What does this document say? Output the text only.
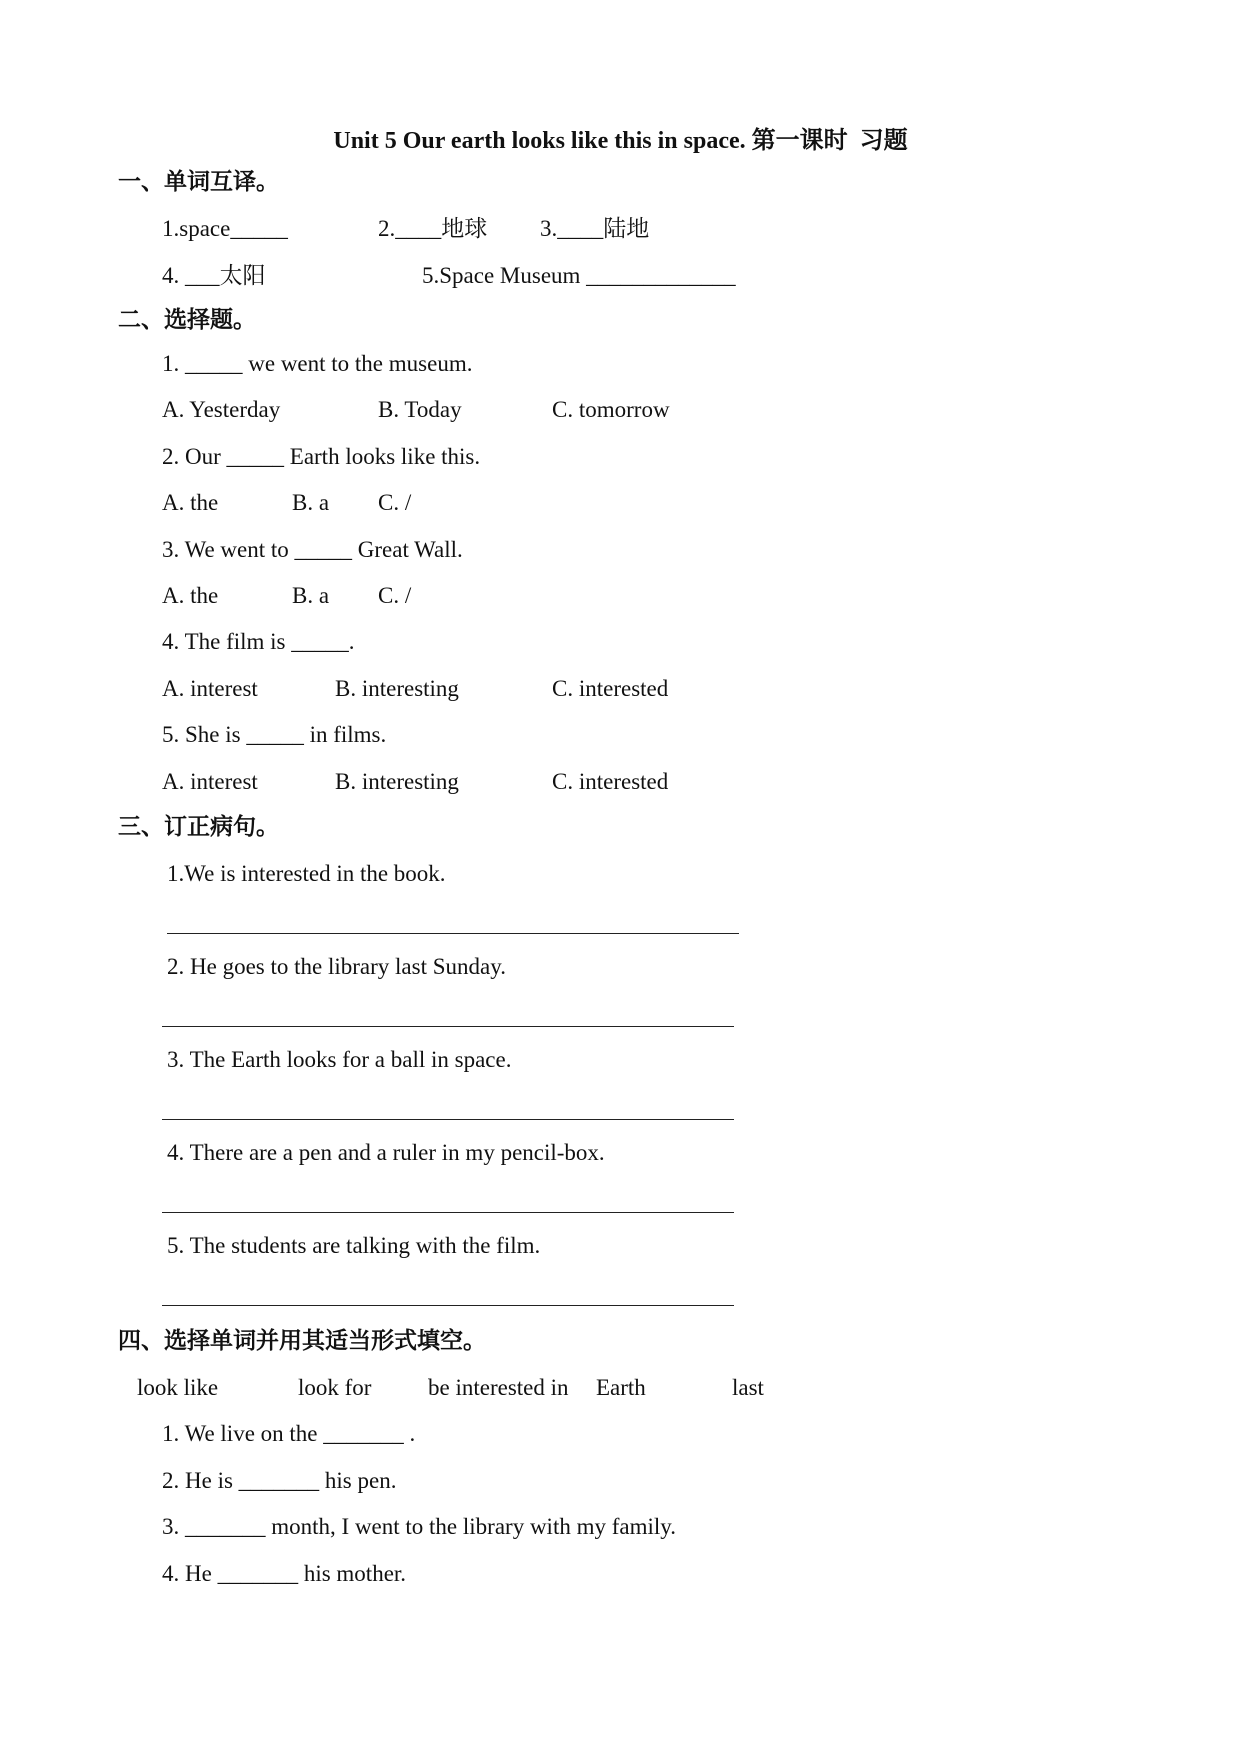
Unit 5 Our earth looks like this in space. 第一课时  习题
一、单词互译。
1.space_____	2.____地球 3.____陆地
4. ___太阳	5.Space Museum _____________
二、选择题。
1. _____ we went to the museum.
A. Yesterday	B. Today	C. tomorrow
2. Our _____ Earth looks like this.
A. the	B. a C. /
3. We went to _____ Great Wall.
A. the	B. a C. /
4. The film is _____.
A. interest	B. interesting	C. interested
5. She is _____ in films.
A. interest	B. interesting	C. interested
三、订正病句。
1.We is interested in the book.
2. He goes to the library last Sunday.
3. The Earth looks for a ball in space.
4. There are a pen and a ruler in my pencil-box.
5. The students are talking with the film.
四、选择单词并用其适当形式填空。
look like	look for be interested in Earth	last
1. We live on the _______ .
2. He is _______ his pen.
3. _______ month, I went to the library with my family.
4. He _______ his mother.
